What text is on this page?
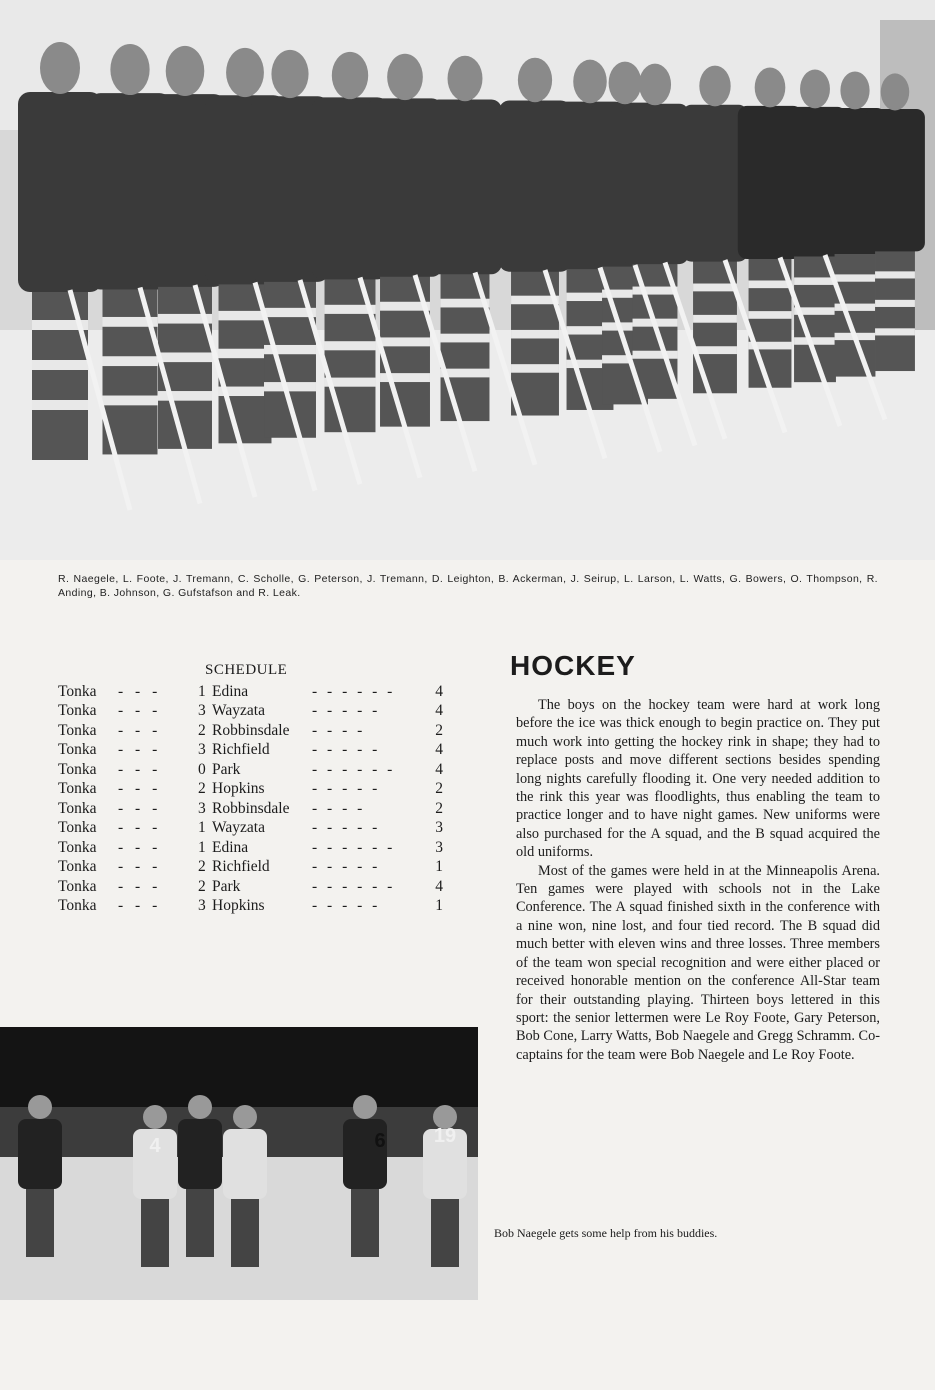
R. Naegele, L. Foote, J. Tremann, C. Scholle, G. Peterson, J. Tremann, D. Leighton, B. Ackerman, J. Seirup, L. Larson, L. Watts, G. Bowers, O. Thompson, R. Anding, B. Johnson, G. Gufstafson and R. Leak.
SCHEDULE
Tonka	- - -	1	Edina	- - - - - -	4
Tonka	- - -	3	Wayzata	- - - - -	4
Tonka	- - -	2	Robbinsdale	- - - -	2
Tonka	- - -	3	Richfield	- - - - -	4
Tonka	- - -	0	Park	- - - - - -	4
Tonka	- - -	2	Hopkins	- - - - -	2
Tonka	- - -	3	Robbinsdale	- - - -	2
Tonka	- - -	1	Wayzata	- - - - -	3
Tonka	- - -	1	Edina	- - - - - -	3
Tonka	- - -	2	Richfield	- - - - -	1
Tonka	- - -	2	Park	- - - - - -	4
Tonka	- - -	3	Hopkins	- - - - -	1
HOCKEY

The boys on the hockey team were hard at work long before the ice was thick enough to begin practice on. They put much work into getting the hockey rink in shape; they had to replace posts and move different sections besides spending long nights carefully flooding it. One very needed addition to the rink this year was floodlights, thus enabling the team to practice longer and to have night games. New uniforms were also purchased for the A squad, and the B squad acquired the old uniforms.

Most of the games were held in at the Minneapolis Arena. Ten games were played with schools not in the Lake Conference. The A squad finished sixth in the conference with a nine won, nine lost, and four tied record. The B squad did much better with eleven wins and three losses. Three members of the team won special recognition and were either placed or received honorable mention on the conference All-Star team for their outstanding playing. Thirteen boys lettered in this sport: the senior lettermen were Le Roy Foote, Gary Peterson, Bob Cone, Larry Watts, Bob Naegele and Gregg Schramm. Co-captains for the team were Bob Naegele and Le Roy Foote.

4	6 19
Bob Naegele gets some help from his buddies.
